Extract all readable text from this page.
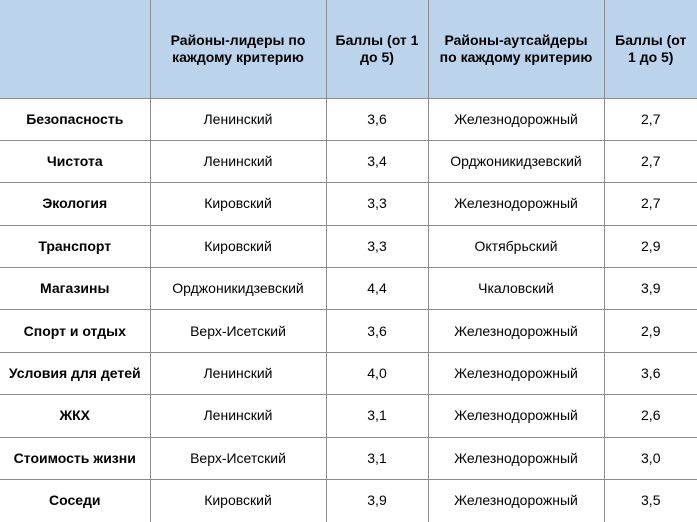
	Районы-лидеры по каждому критерию	Баллы (от 1 до 5)	Районы-аутсайдеры по каждому критерию	Баллы (от 1 до 5)
Безопасность	Ленинский	3,6	Железнодорожный	2,7
Чистота	Ленинский	3,4	Орджоникидзевский	2,7
Экология	Кировский	3,3	Железнодорожный	2,7
Транспорт	Кировский	3,3	Октябрьский	2,9
Магазины	Орджоникидзевский	4,4	Чкаловский	3,9
Спорт и отдых	Верх-Исетский	3,6	Железнодорожный	2,9
Условия для детей	Ленинский	4,0	Железнодорожный	3,6
ЖКХ	Ленинский	3,1	Железнодорожный	2,6
Стоимость жизни	Верх-Исетский	3,1	Железнодорожный	3,0
Соседи	Кировский	3,9	Железнодорожный	3,5
